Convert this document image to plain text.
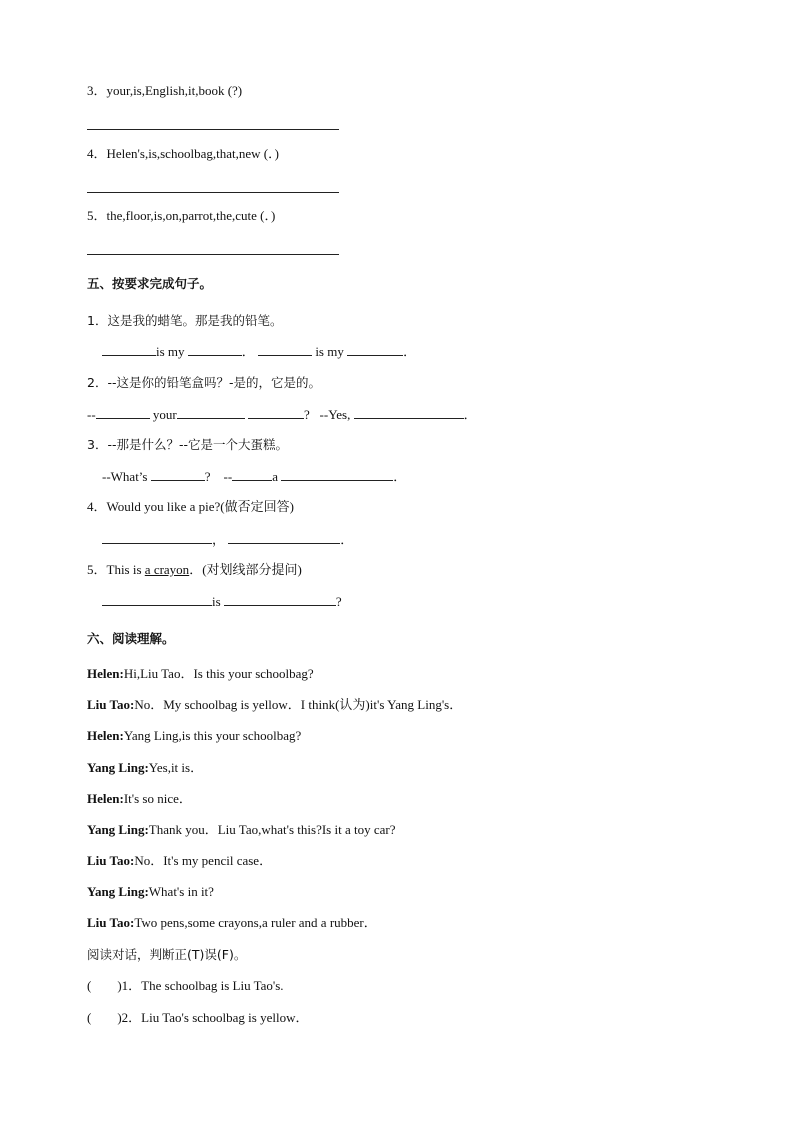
3．your,is,English,it,book (?)
4．Helen's,is,schoolbag,that,new (．)
5．the,floor,is,on,parrot,the,cute (．)
五、按要求完成句子。
1．这是我的蜡笔。那是我的铅笔。
is my	．	is my	．
2．--这是你的铅笔盒吗？-是的，它是的。
--	your	? --Yes,	．
3．--那是什么？--它是一个大蛋糕。
--What’s	? --	a	．
4．Would you like a pie?(做否定回答)
，	．
5．This is a crayon．(对划线部分提问)
is	?
六、阅读理解。
Helen:Hi,Liu Tao．Is this your schoolbag?
Liu Tao:No．My schoolbag is yellow．I think(认为)it's Yang Ling's．
Helen:Yang Ling,is this your schoolbag?
Yang Ling:Yes,it is．
Helen:It's so nice．
Yang Ling:Thank you．Liu Tao,what's this?Is it a toy car?
Liu Tao:No．It's my pencil case．
Yang Ling:What's in it?
Liu Tao:Two pens,some crayons,a ruler and a rubber．
阅读对话，判断正(T)误(F)。
(　　)1．The schoolbag is Liu Tao's.
(　　)2．Liu Tao's schoolbag is yellow．
